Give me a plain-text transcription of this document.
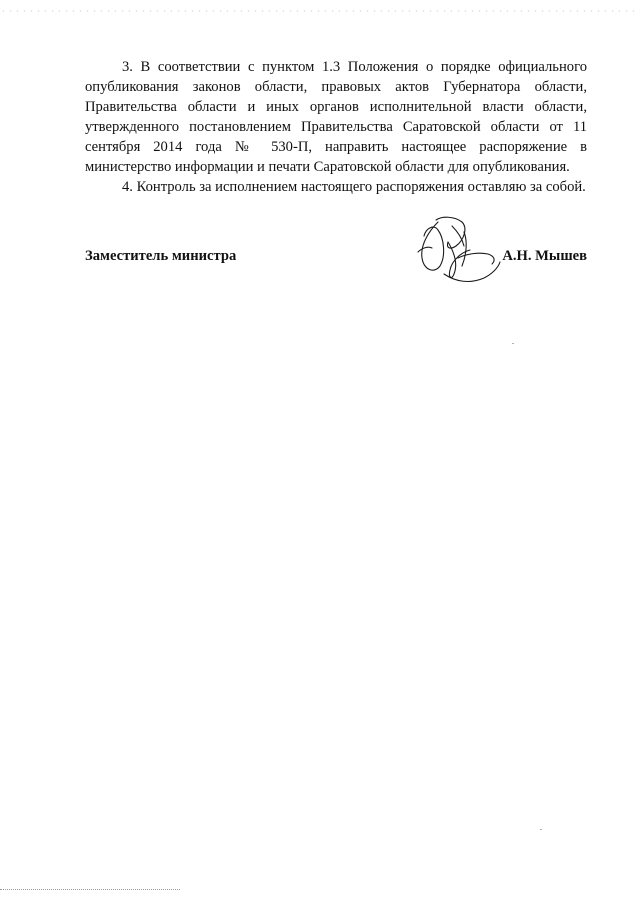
3. В соответствии с пунктом 1.3 Положения о порядке официального опубликования законов области, правовых актов Губернатора области, Правительства области и иных органов исполнительной власти области, утвержденного постановлением Правительства Саратовской области от 11 сентября 2014 года № 530-П, направить настоящее распоряжение в министерство информации и печати Саратовской области для опубликования.

4. Контроль за исполнением настоящего распоряжения оставляю за собой.

Заместитель министра	А.Н. Мышев
